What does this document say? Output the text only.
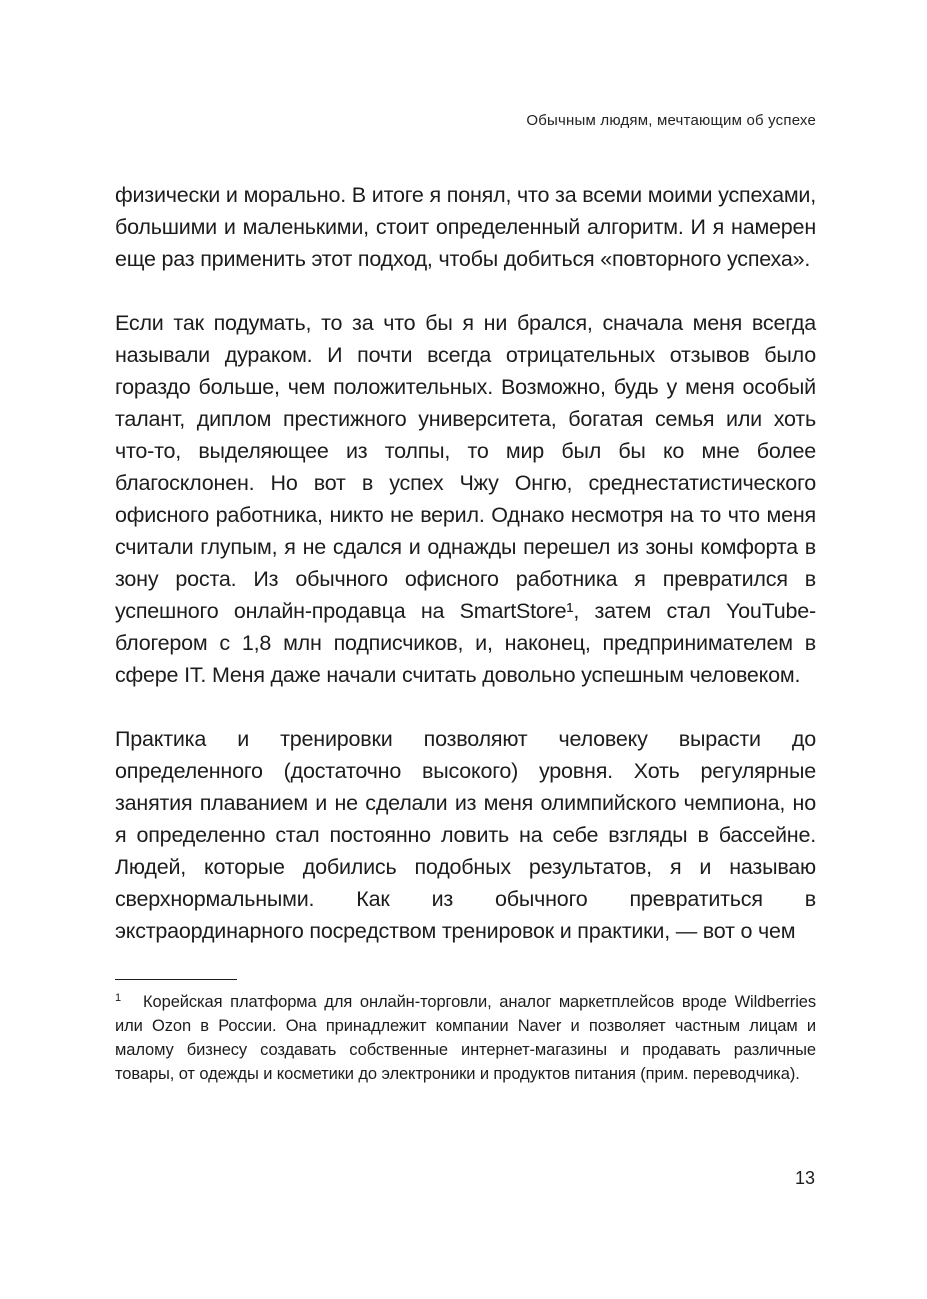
Обычным людям, мечтающим об успехе

физически и морально. В итоге я понял, что за всеми моими успехами, большими и маленькими, стоит определенный алгоритм. И я намерен еще раз применить этот подход, чтобы добиться «повторного успеха».

Если так подумать, то за что бы я ни брался, сначала меня всегда называли дураком. И почти всегда отрицательных отзывов было гораздо больше, чем положительных. Возможно, будь у меня особый талант, диплом престижного университета, богатая семья или хоть что-то, выделяющее из толпы, то мир был бы ко мне более благосклонен. Но вот в успех Чжу Онгю, среднестатистического офисного работника, никто не верил. Однако несмотря на то что меня считали глупым, я не сдался и однажды перешел из зоны комфорта в зону роста. Из обычного офисного работника я превратился в успешного онлайн-продавца на SmartStore¹, затем стал YouTube-блогером с 1,8 млн подписчиков, и, наконец, предпринимателем в сфере IT. Меня даже начали считать довольно успешным человеком.

Практика и тренировки позволяют человеку вырасти до определенного (достаточно высокого) уровня. Хоть регулярные занятия плаванием и не сделали из меня олимпийского чемпиона, но я определенно стал постоянно ловить на себе взгляды в бассейне. Людей, которые добились подобных результатов, я и называю сверхнормальными. Как из обычного превратиться в экстраординарного посредством тренировок и практики, — вот о чем

$^1$ Корейская платформа для онлайн-торговли, аналог маркетплейсов вроде Wildberries или Ozon в России. Она принадлежит компании Naver и позволяет частным лицам и малому бизнесу создавать собственные интернет-магазины и продавать различные товары, от одежды и косметики до электроники и продуктов питания (прим. переводчика).
13
